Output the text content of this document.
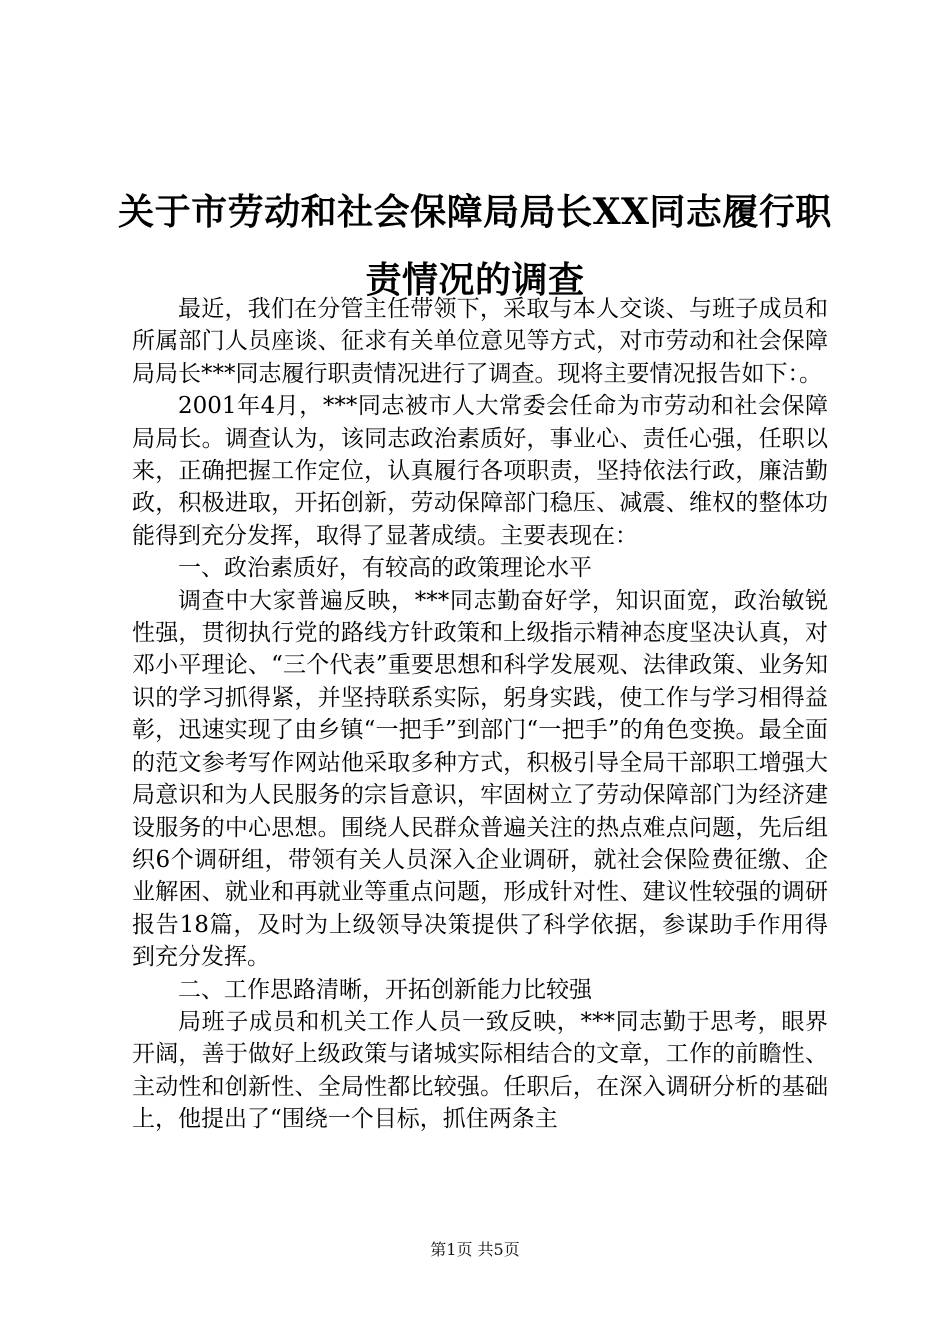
关于市劳动和社会保障局局长XX同志履行职责情况的调查

最近，我们在分管主任带领下，采取与本人交谈、与班子成员和所属部门人员座谈、征求有关单位意见等方式，对市劳动和社会保障局局长***同志履行职责情况进行了调查。现将主要情况报告如下：。

2001年4月，***同志被市人大常委会任命为市劳动和社会保障局局长。调查认为，该同志政治素质好，事业心、责任心强，任职以来，正确把握工作定位，认真履行各项职责，坚持依法行政，廉洁勤政，积极进取，开拓创新，劳动保障部门稳压、减震、维权的整体功能得到充分发挥，取得了显著成绩。主要表现在：

一、政治素质好，有较高的政策理论水平

调查中大家普遍反映，***同志勤奋好学，知识面宽，政治敏锐性强，贯彻执行党的路线方针政策和上级指示精神态度坚决认真，对邓小平理论、“三个代表”重要思想和科学发展观、法律政策、业务知识的学习抓得紧，并坚持联系实际，躬身实践，使工作与学习相得益彰，迅速实现了由乡镇“一把手”到部门“一把手”的角色变换。最全面的范文参考写作网站他采取多种方式，积极引导全局干部职工增强大局意识和为人民服务的宗旨意识，牢固树立了劳动保障部门为经济建设服务的中心思想。围绕人民群众普遍关注的热点难点问题，先后组织6个调研组，带领有关人员深入企业调研，就社会保险费征缴、企业解困、就业和再就业等重点问题，形成针对性、建议性较强的调研报告18篇，及时为上级领导决策提供了科学依据，参谋助手作用得到充分发挥。

二、工作思路清晰，开拓创新能力比较强

局班子成员和机关工作人员一致反映，***同志勤于思考，眼界开阔，善于做好上级政策与诸城实际相结合的文章，工作的前瞻性、主动性和创新性、全局性都比较强。任职后，在深入调研分析的基础上，他提出了“围绕一个目标，抓住两条主

第1页 共5页
